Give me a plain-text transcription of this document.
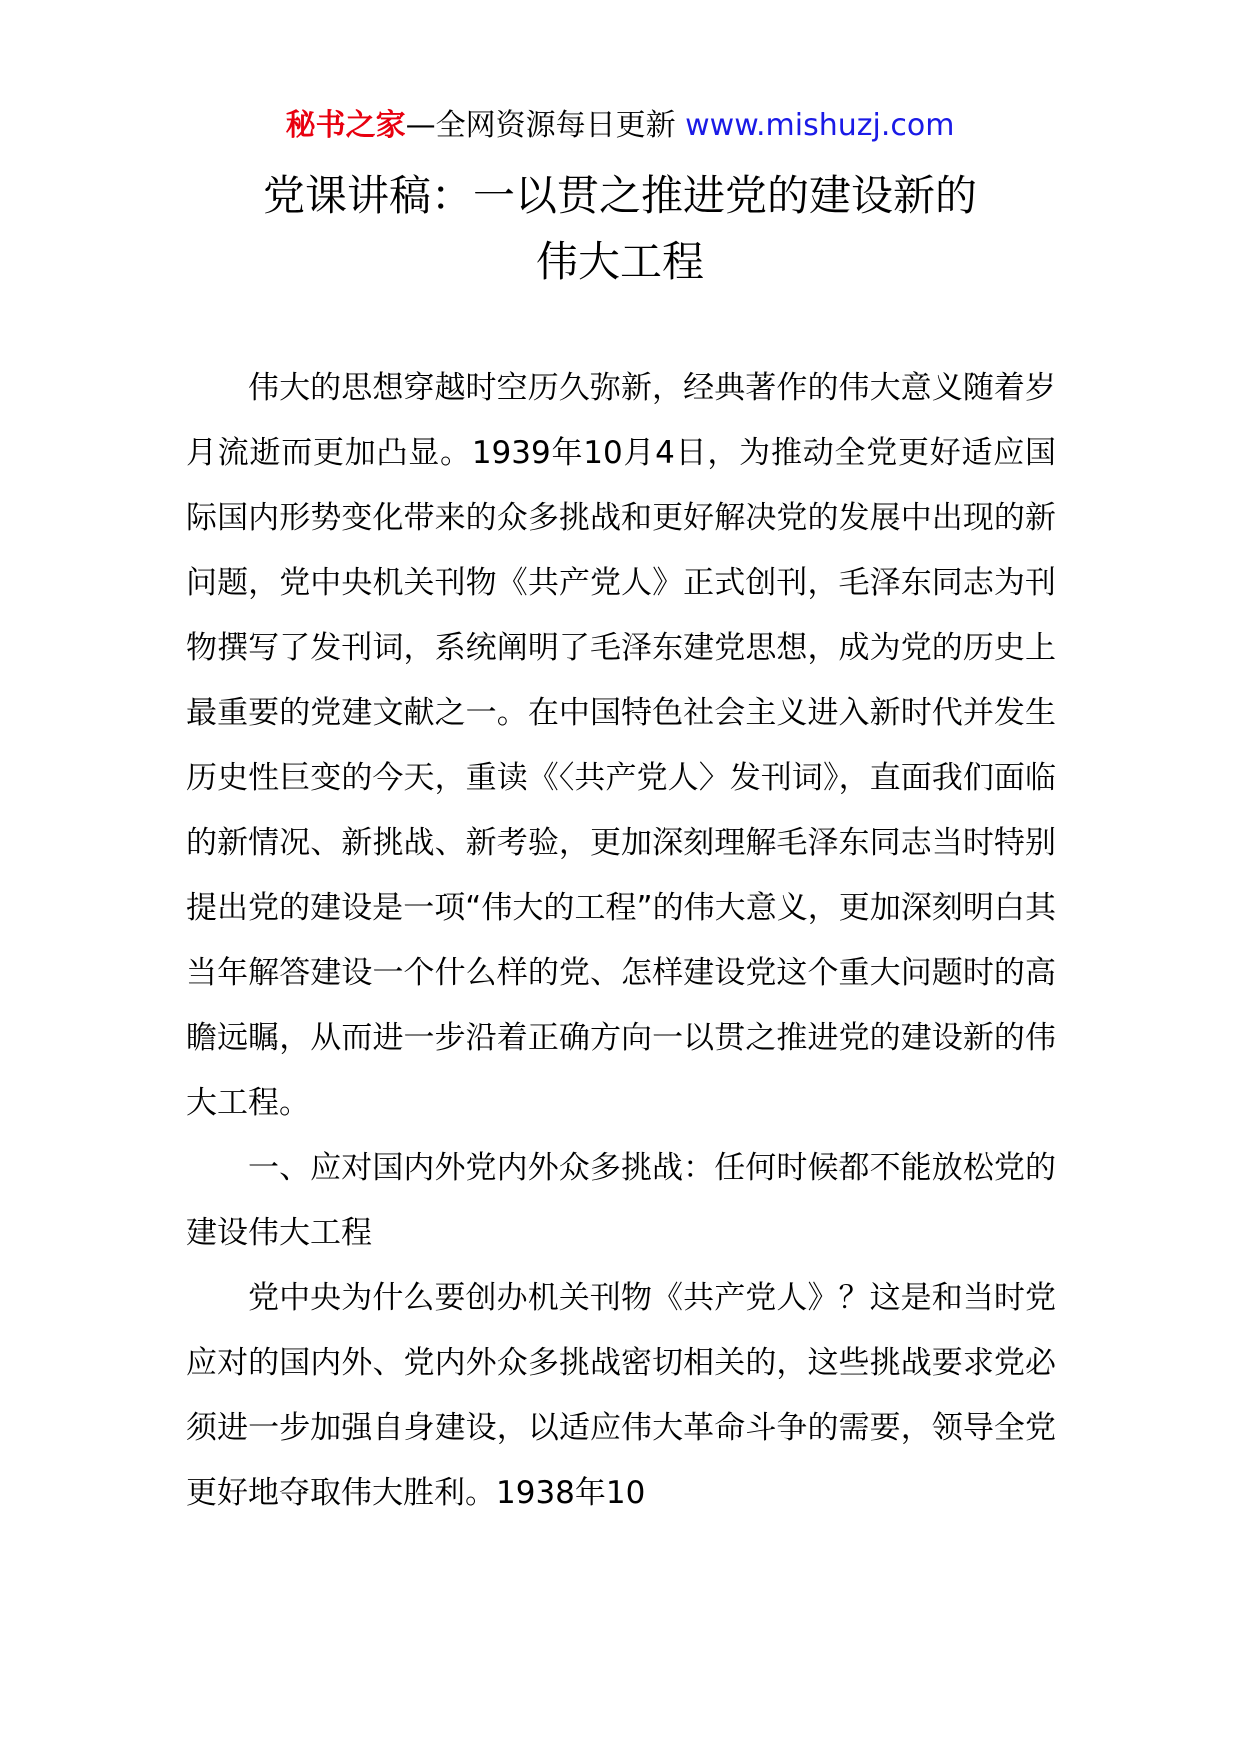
秘书之家—全网资源每日更新 www.mishuzj.com
党课讲稿：一以贯之推进党的建设新的
伟大工程

伟大的思想穿越时空历久弥新，经典著作的伟大意义随着岁月流逝而更加凸显。1939年10月4日，为推动全党更好适应国际国内形势变化带来的众多挑战和更好解决党的发展中出现的新问题，党中央机关刊物《共产党人》正式创刊，毛泽东同志为刊物撰写了发刊词，系统阐明了毛泽东建党思想，成为党的历史上最重要的党建文献之一。在中国特色社会主义进入新时代并发生历史性巨变的今天，重读《〈共产党人〉发刊词》，直面我们面临的新情况、新挑战、新考验，更加深刻理解毛泽东同志当时特别提出党的建设是一项“伟大的工程”的伟大意义，更加深刻明白其当年解答建设一个什么样的党、怎样建设党这个重大问题时的高瞻远瞩，从而进一步沿着正确方向一以贯之推进党的建设新的伟大工程。

一、应对国内外党内外众多挑战：任何时候都不能放松党的建设伟大工程

党中央为什么要创办机关刊物《共产党人》？这是和当时党应对的国内外、党内外众多挑战密切相关的，这些挑战要求党必须进一步加强自身建设，以适应伟大革命斗争的需要，领导全党更好地夺取伟大胜利。1938年10
